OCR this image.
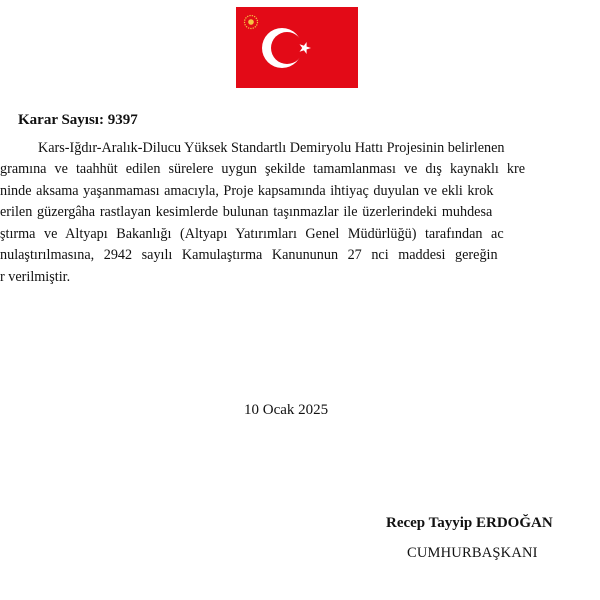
Karar Sayısı: 9397
Kars-Iğdır-Aralık-Dilucu Yüksek Standartlı Demiryolu Hattı Projesinin belirlenen
gramına ve taahhüt edilen sürelere uygun şekilde tamamlanması ve dış kaynaklı kre
ninde aksama yaşanmaması amacıyla, Proje kapsamında ihtiyaç duyulan ve ekli krok
erilen güzergâha rastlayan kesimlerde bulunan taşınmazlar ile üzerlerindeki muhdesa
ştırma ve Altyapı Bakanlığı (Altyapı Yatırımları Genel Müdürlüğü) tarafından ac
nulaştırılmasına, 2942 sayılı Kamulaştırma Kanununun 27 nci maddesi gereğin
r verilmiştir.
10 Ocak 2025
Recep Tayyip ERDOĞAN
CUMHURBAŞKANI
